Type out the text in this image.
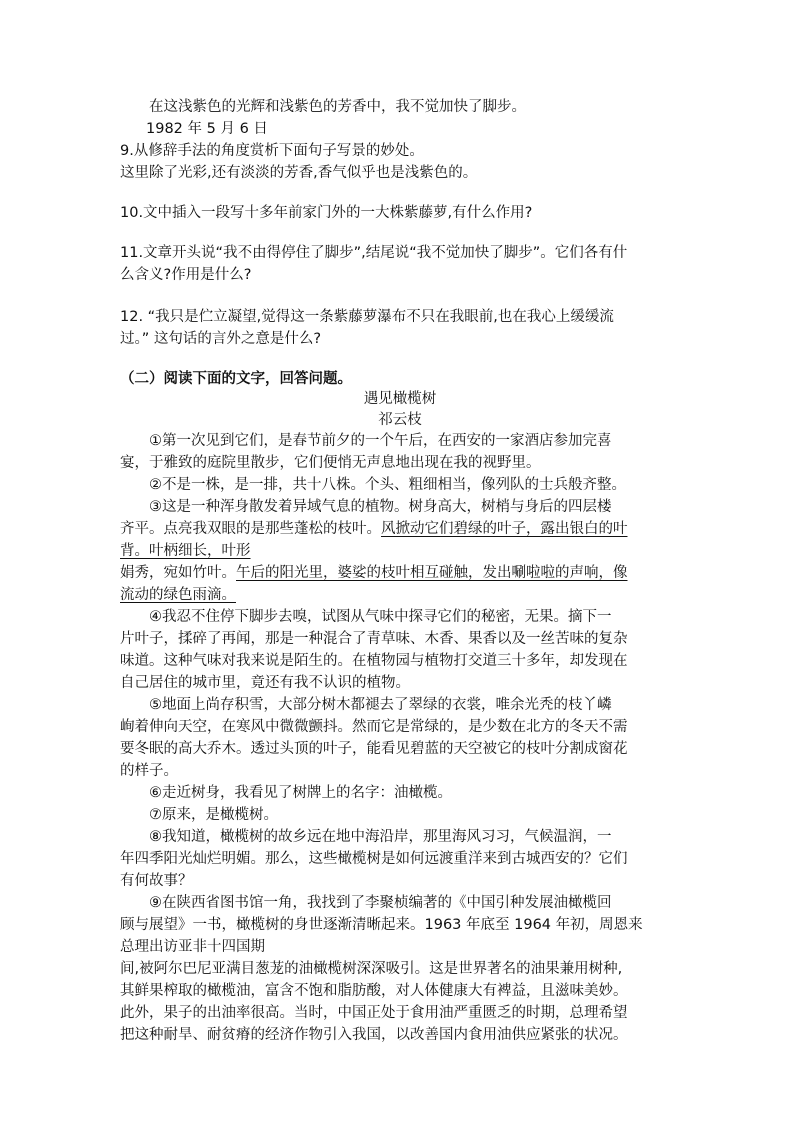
在这浅紫色的光辉和浅紫色的芳香中，我不觉加快了脚步。
1982 年 5 月 6 日
9.从修辞手法的角度赏析下面句子写景的妙处。
这里除了光彩,还有淡淡的芳香,香气似乎也是浅紫色的。
10.文中插入一段写十多年前家门外的一大株紫藤萝,有什么作用?
11.文章开头说“我不由得停住了脚步”,结尾说“我不觉加快了脚步”。它们各有什
么含义?作用是什么?
12. “我只是伫立凝望,觉得这一条紫藤萝瀑布不只在我眼前,也在我心上缓缓流
过。” 这句话的言外之意是什么?
（二）阅读下面的文字，回答问题。
遇见橄榄树
祁云枝
①第一次见到它们，是春节前夕的一个午后，在西安的一家酒店参加完喜
宴，于雅致的庭院里散步，它们便悄无声息地出现在我的视野里。
②不是一株，是一排，共十八株。个头、粗细相当，像列队的士兵般齐整。
③这是一种浑身散发着异域气息的植物。树身高大，树梢与身后的四层楼
齐平。点亮我双眼的是那些蓬松的枝叶。风掀动它们碧绿的叶子，露出银白的叶
背。叶柄细长，叶形
娟秀，宛如竹叶。午后的阳光里，婆娑的枝叶相互碰触，发出唰啦啦的声响，像
流动的绿色雨滴。
④我忍不住停下脚步去嗅，试图从气味中探寻它们的秘密，无果。摘下一
片叶子，揉碎了再闻，那是一种混合了青草味、木香、果香以及一丝苦味的复杂
味道。这种气味对我来说是陌生的。在植物园与植物打交道三十多年，却发现在
自己居住的城市里，竟还有我不认识的植物。
⑤地面上尚存积雪，大部分树木都褪去了翠绿的衣裳，唯余光秃的枝丫嶙
峋着伸向天空，在寒风中微微颤抖。然而它是常绿的，是少数在北方的冬天不需
要冬眠的高大乔木。透过头顶的叶子，能看见碧蓝的天空被它的枝叶分割成窗花
的样子。
⑥走近树身，我看见了树牌上的名字：油橄榄。
⑦原来，是橄榄树。
⑧我知道，橄榄树的故乡远在地中海沿岸，那里海风习习，气候温润，一
年四季阳光灿烂明媚。那么，这些橄榄树是如何远渡重洋来到古城西安的？它们
有何故事？
⑨在陕西省图书馆一角，我找到了李聚桢编著的《中国引种发展油橄榄回
顾与展望》一书，橄榄树的身世逐渐清晰起来。1963 年底至 1964 年初，周恩来
总理出访亚非十四国期
间,被阿尔巴尼亚满目葱茏的油橄榄树深深吸引。这是世界著名的油果兼用树种,
其鲜果榨取的橄榄油，富含不饱和脂肪酸，对人体健康大有裨益，且滋味美妙。
此外，果子的出油率很高。当时，中国正处于食用油严重匮乏的时期，总理希望
把这种耐旱、耐贫瘠的经济作物引入我国，以改善国内食用油供应紧张的状况。
